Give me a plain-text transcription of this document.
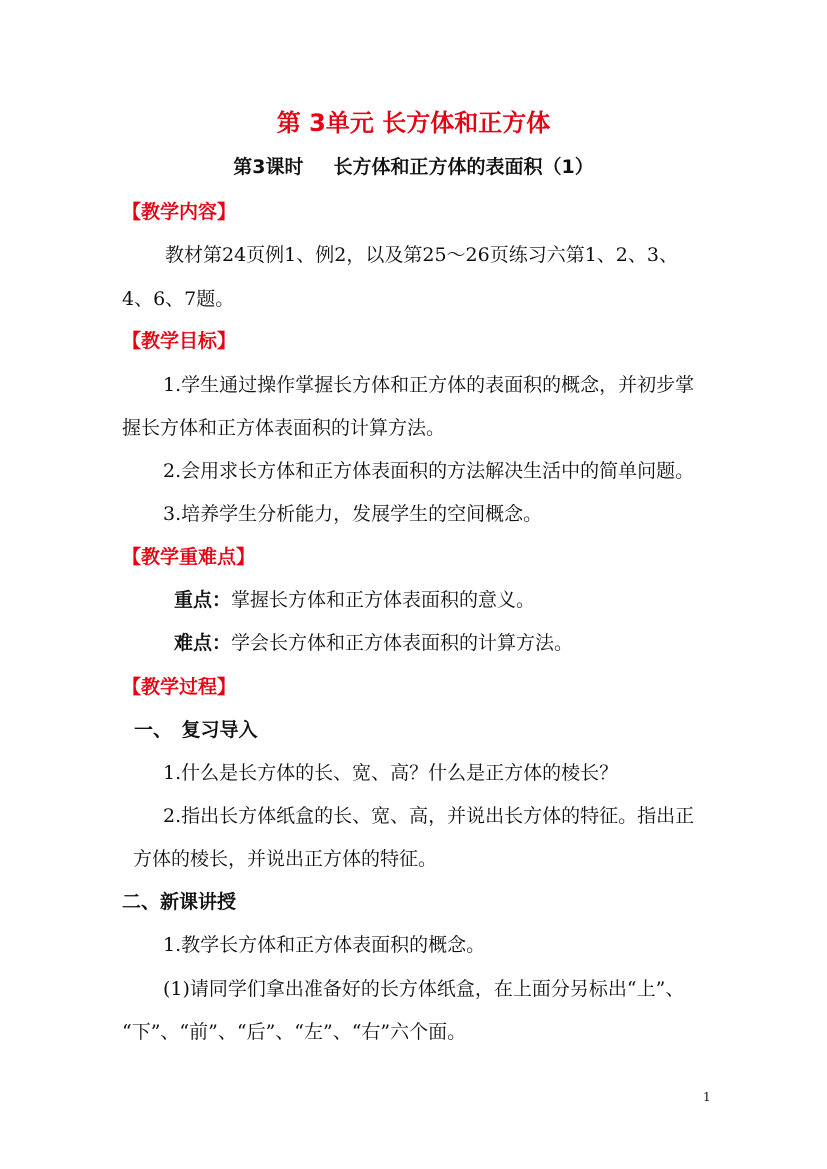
第 3单元 长方体和正方体
第3课时 长方体和正方体的表面积（1）
【教学内容】
教材第24页例1、例2，以及第25～26页练习六第1、2、3、
4、6、7题。
【教学目标】
1.学生通过操作掌握长方体和正方体的表面积的概念，并初步掌
握长方体和正方体表面积的计算方法。
2.会用求长方体和正方体表面积的方法解决生活中的简单问题。
3.培养学生分析能力，发展学生的空间概念。
【教学重难点】
重点：掌握长方体和正方体表面积的意义。
难点：学会长方体和正方体表面积的计算方法。
【教学过程】
一、　复习导入
1.什么是长方体的长、宽、高？什么是正方体的棱长？
2.指出长方体纸盒的长、宽、高，并说出长方体的特征。指出正
方体的棱长，并说出正方体的特征。
二、新课讲授
1.教学长方体和正方体表面积的概念。
(1)请同学们拿出准备好的长方体纸盒，在上面分另标出“上”、
“下”、“前”、“后”、“左”、“右”六个面。
1
